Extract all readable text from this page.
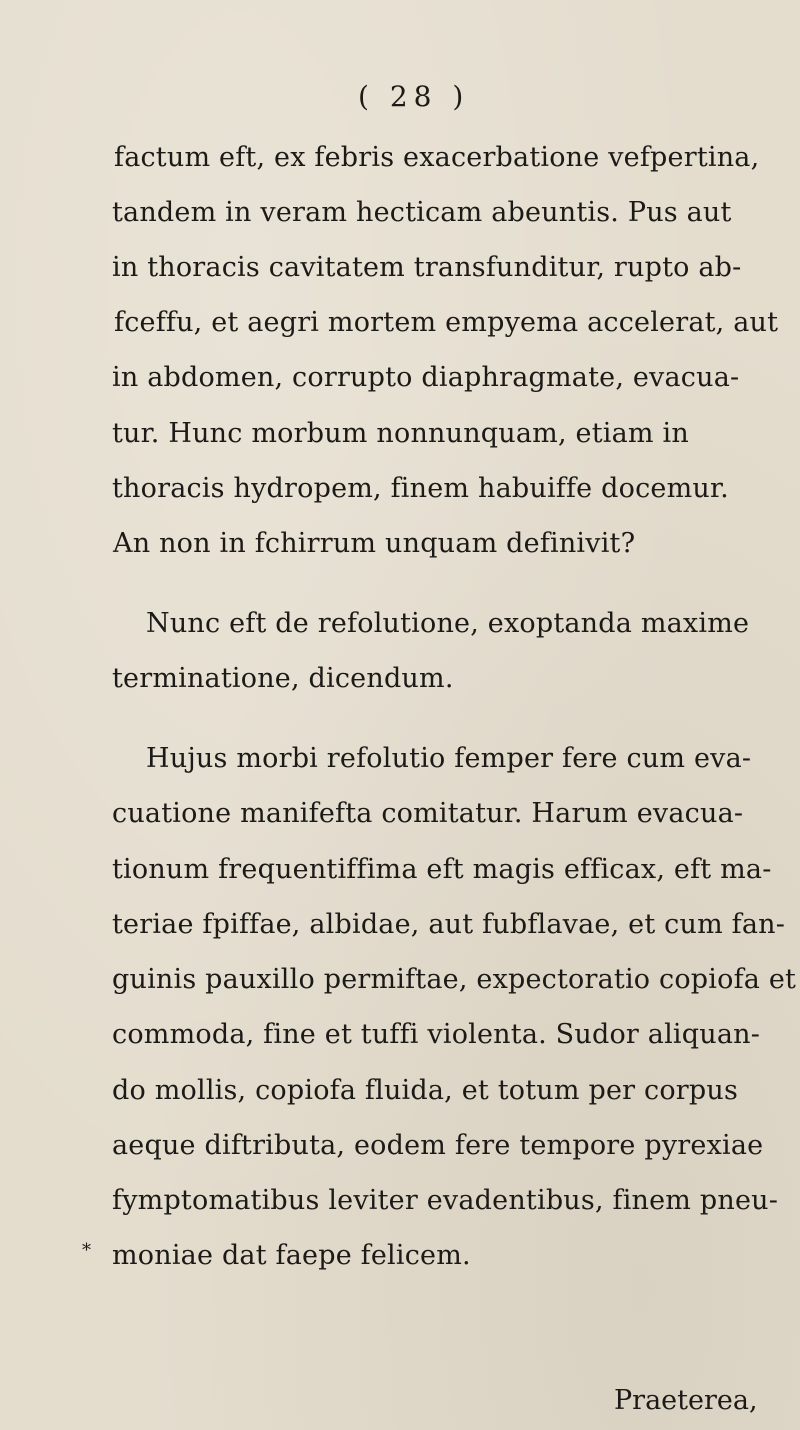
( 28 )
factum eft, ex febris exacerbatione vefpertina,
tandem in veram hecticam abeuntis. Pus aut
in thoracis cavitatem transfunditur, rupto ab-
fceffu, et aegri mortem empyema accelerat, aut
in abdomen, corrupto diaphragmate, evacua-
tur. Hunc morbum nonnunquam, etiam in
thoracis hydropem, finem habuiffe docemur.
An non in fchirrum unquam definivit?
Nunc eft de refolutione, exoptanda maxime
terminatione, dicendum.
Hujus morbi refolutio femper fere cum eva-
cuatione manifefta comitatur. Harum evacua-
tionum frequentiffima eft magis efficax, eft ma-
teriae fpiffae, albidae, aut fubflavae, et cum fan-
guinis pauxillo permiftae, expectoratio copiofa et
commoda, fine et tuffi violenta. Sudor aliquan-
do mollis, copiofa fluida, et totum per corpus
aeque diftributa, eodem fere tempore pyrexiae
fymptomatibus leviter evadentibus, finem pneu-
moniae dat faepe felicem.
*
Praeterea,
